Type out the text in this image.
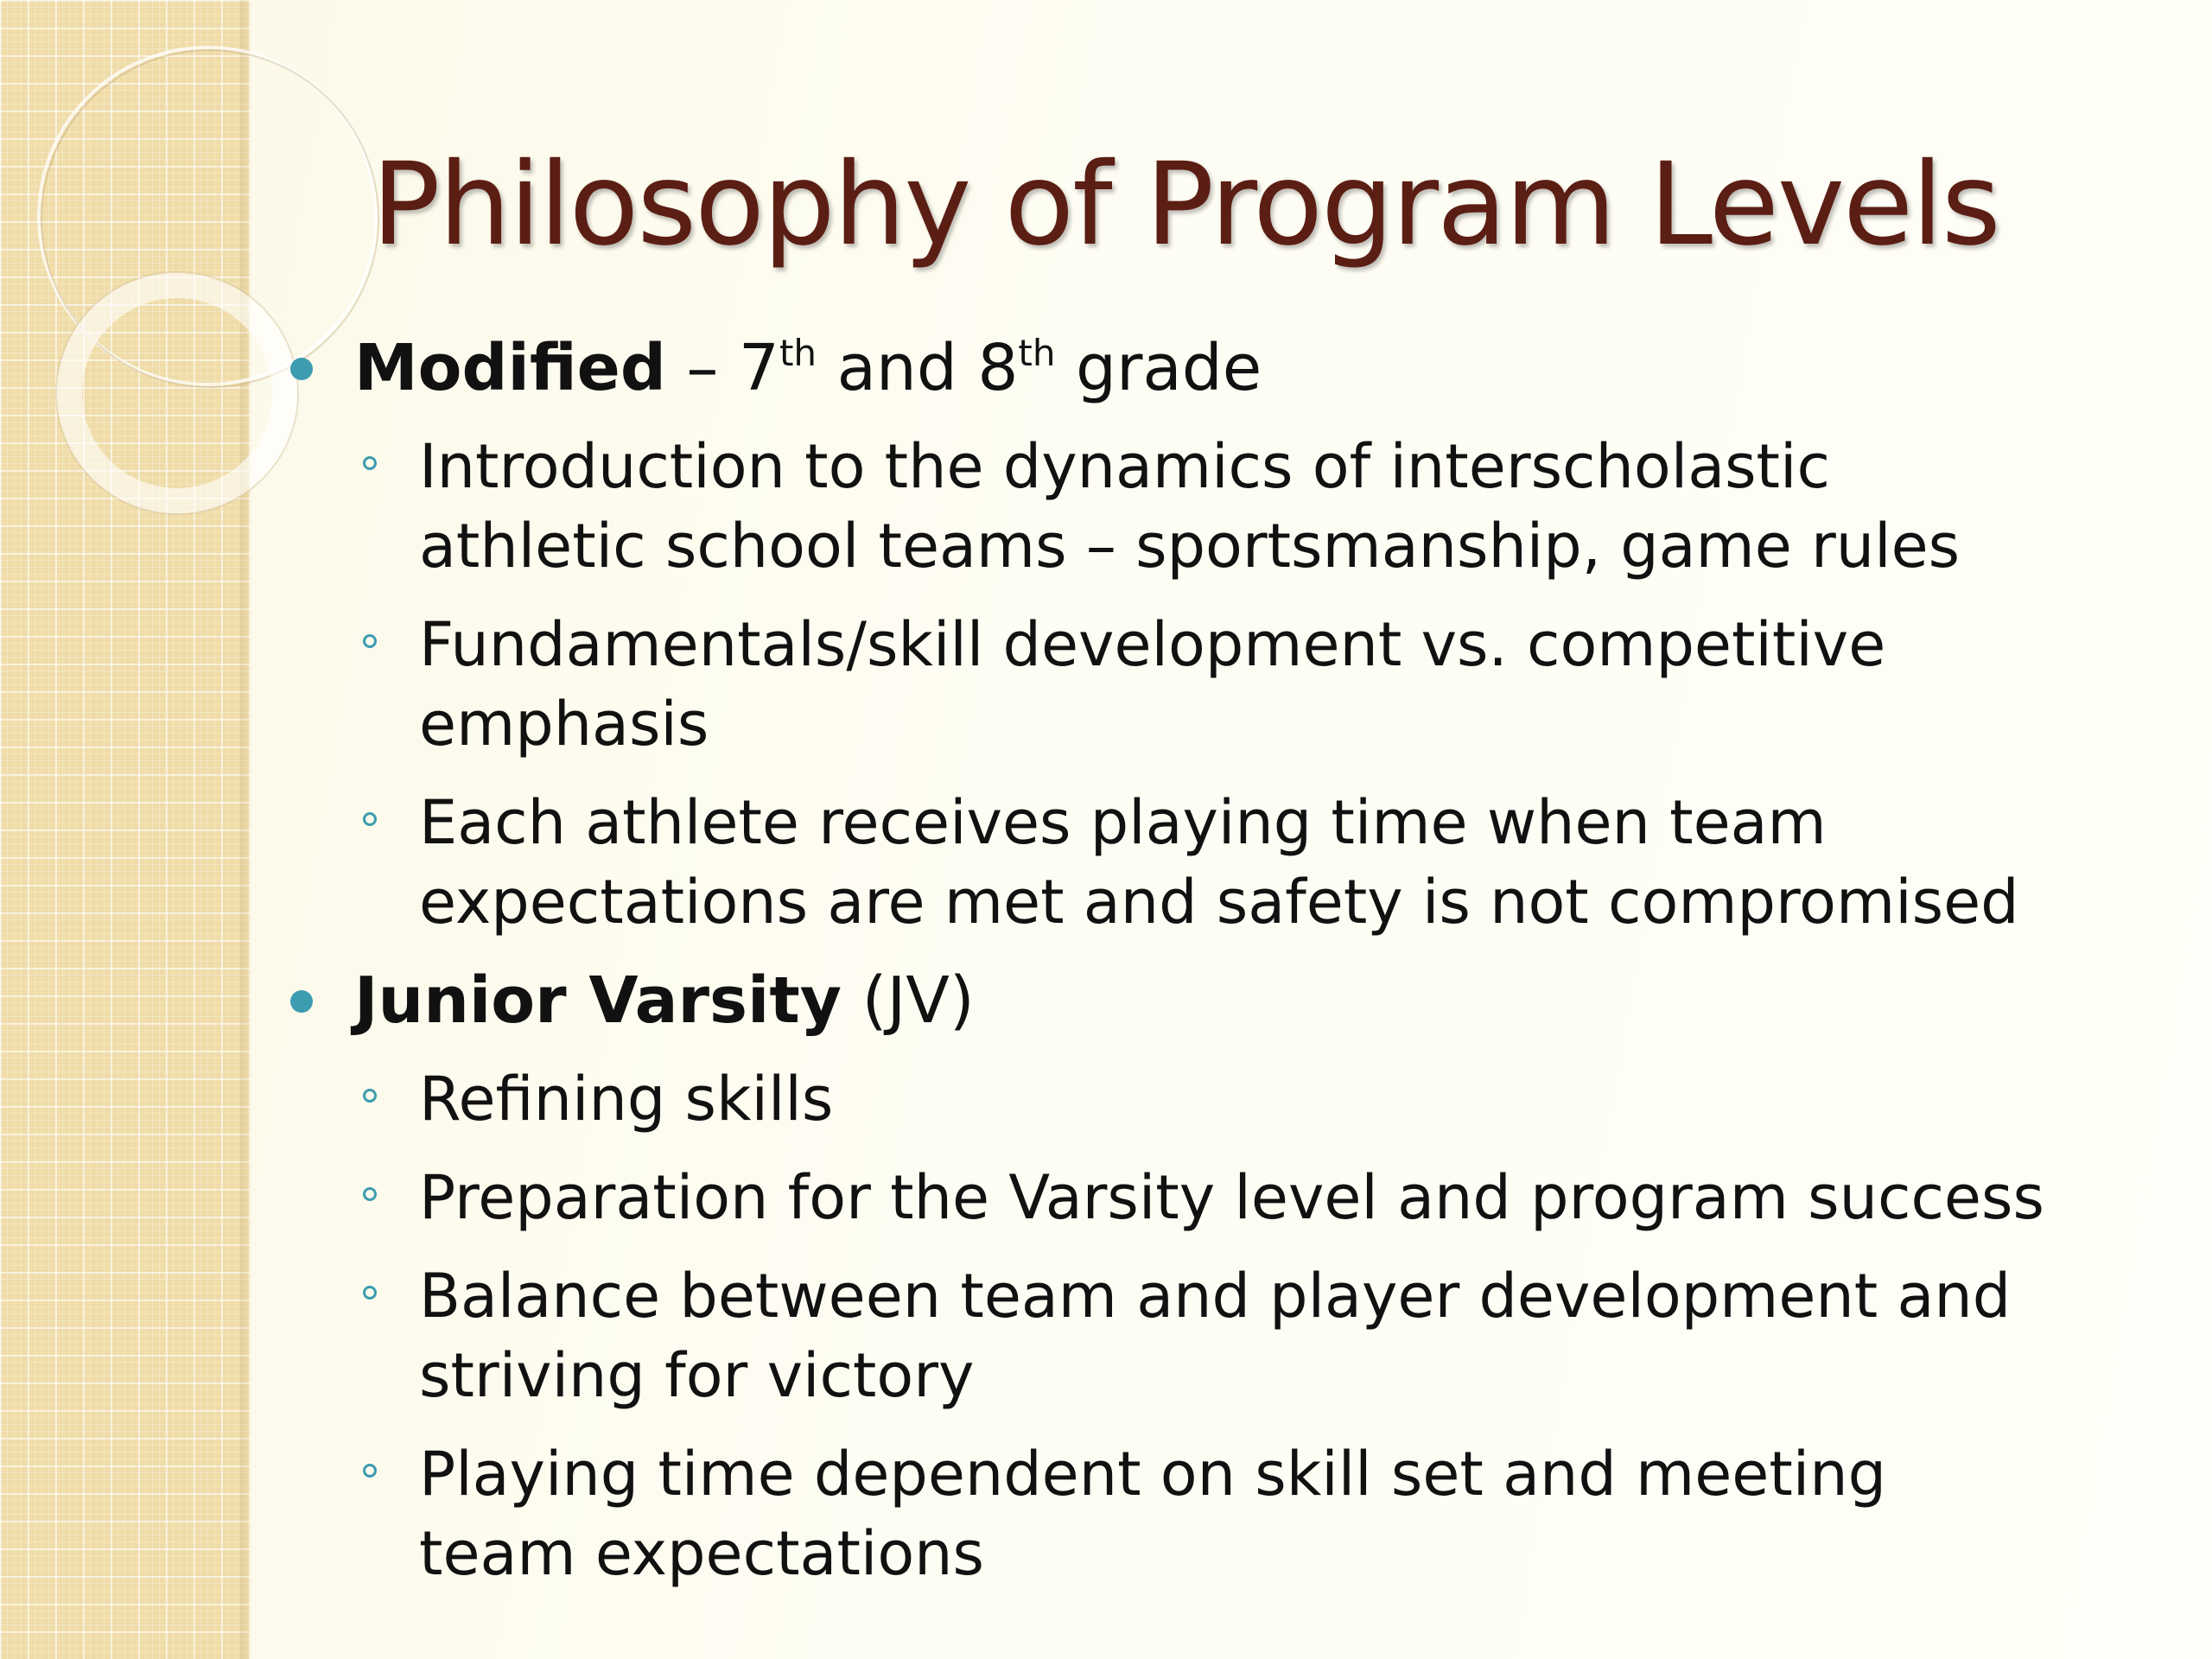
Philosophy of Program Levels
Modified – 7th and 8th grade
Introduction to the dynamics of interscholastic athletic school teams – sportsmanship, game rules
Fundamentals/skill development vs. competitive emphasis
Each athlete receives playing time when team expectations are met and safety is not compromised
Junior Varsity (JV)
Refining skills
Preparation for the Varsity level and program success
Balance between team and player development and striving for victory
Playing time dependent on skill set and meeting team expectations
